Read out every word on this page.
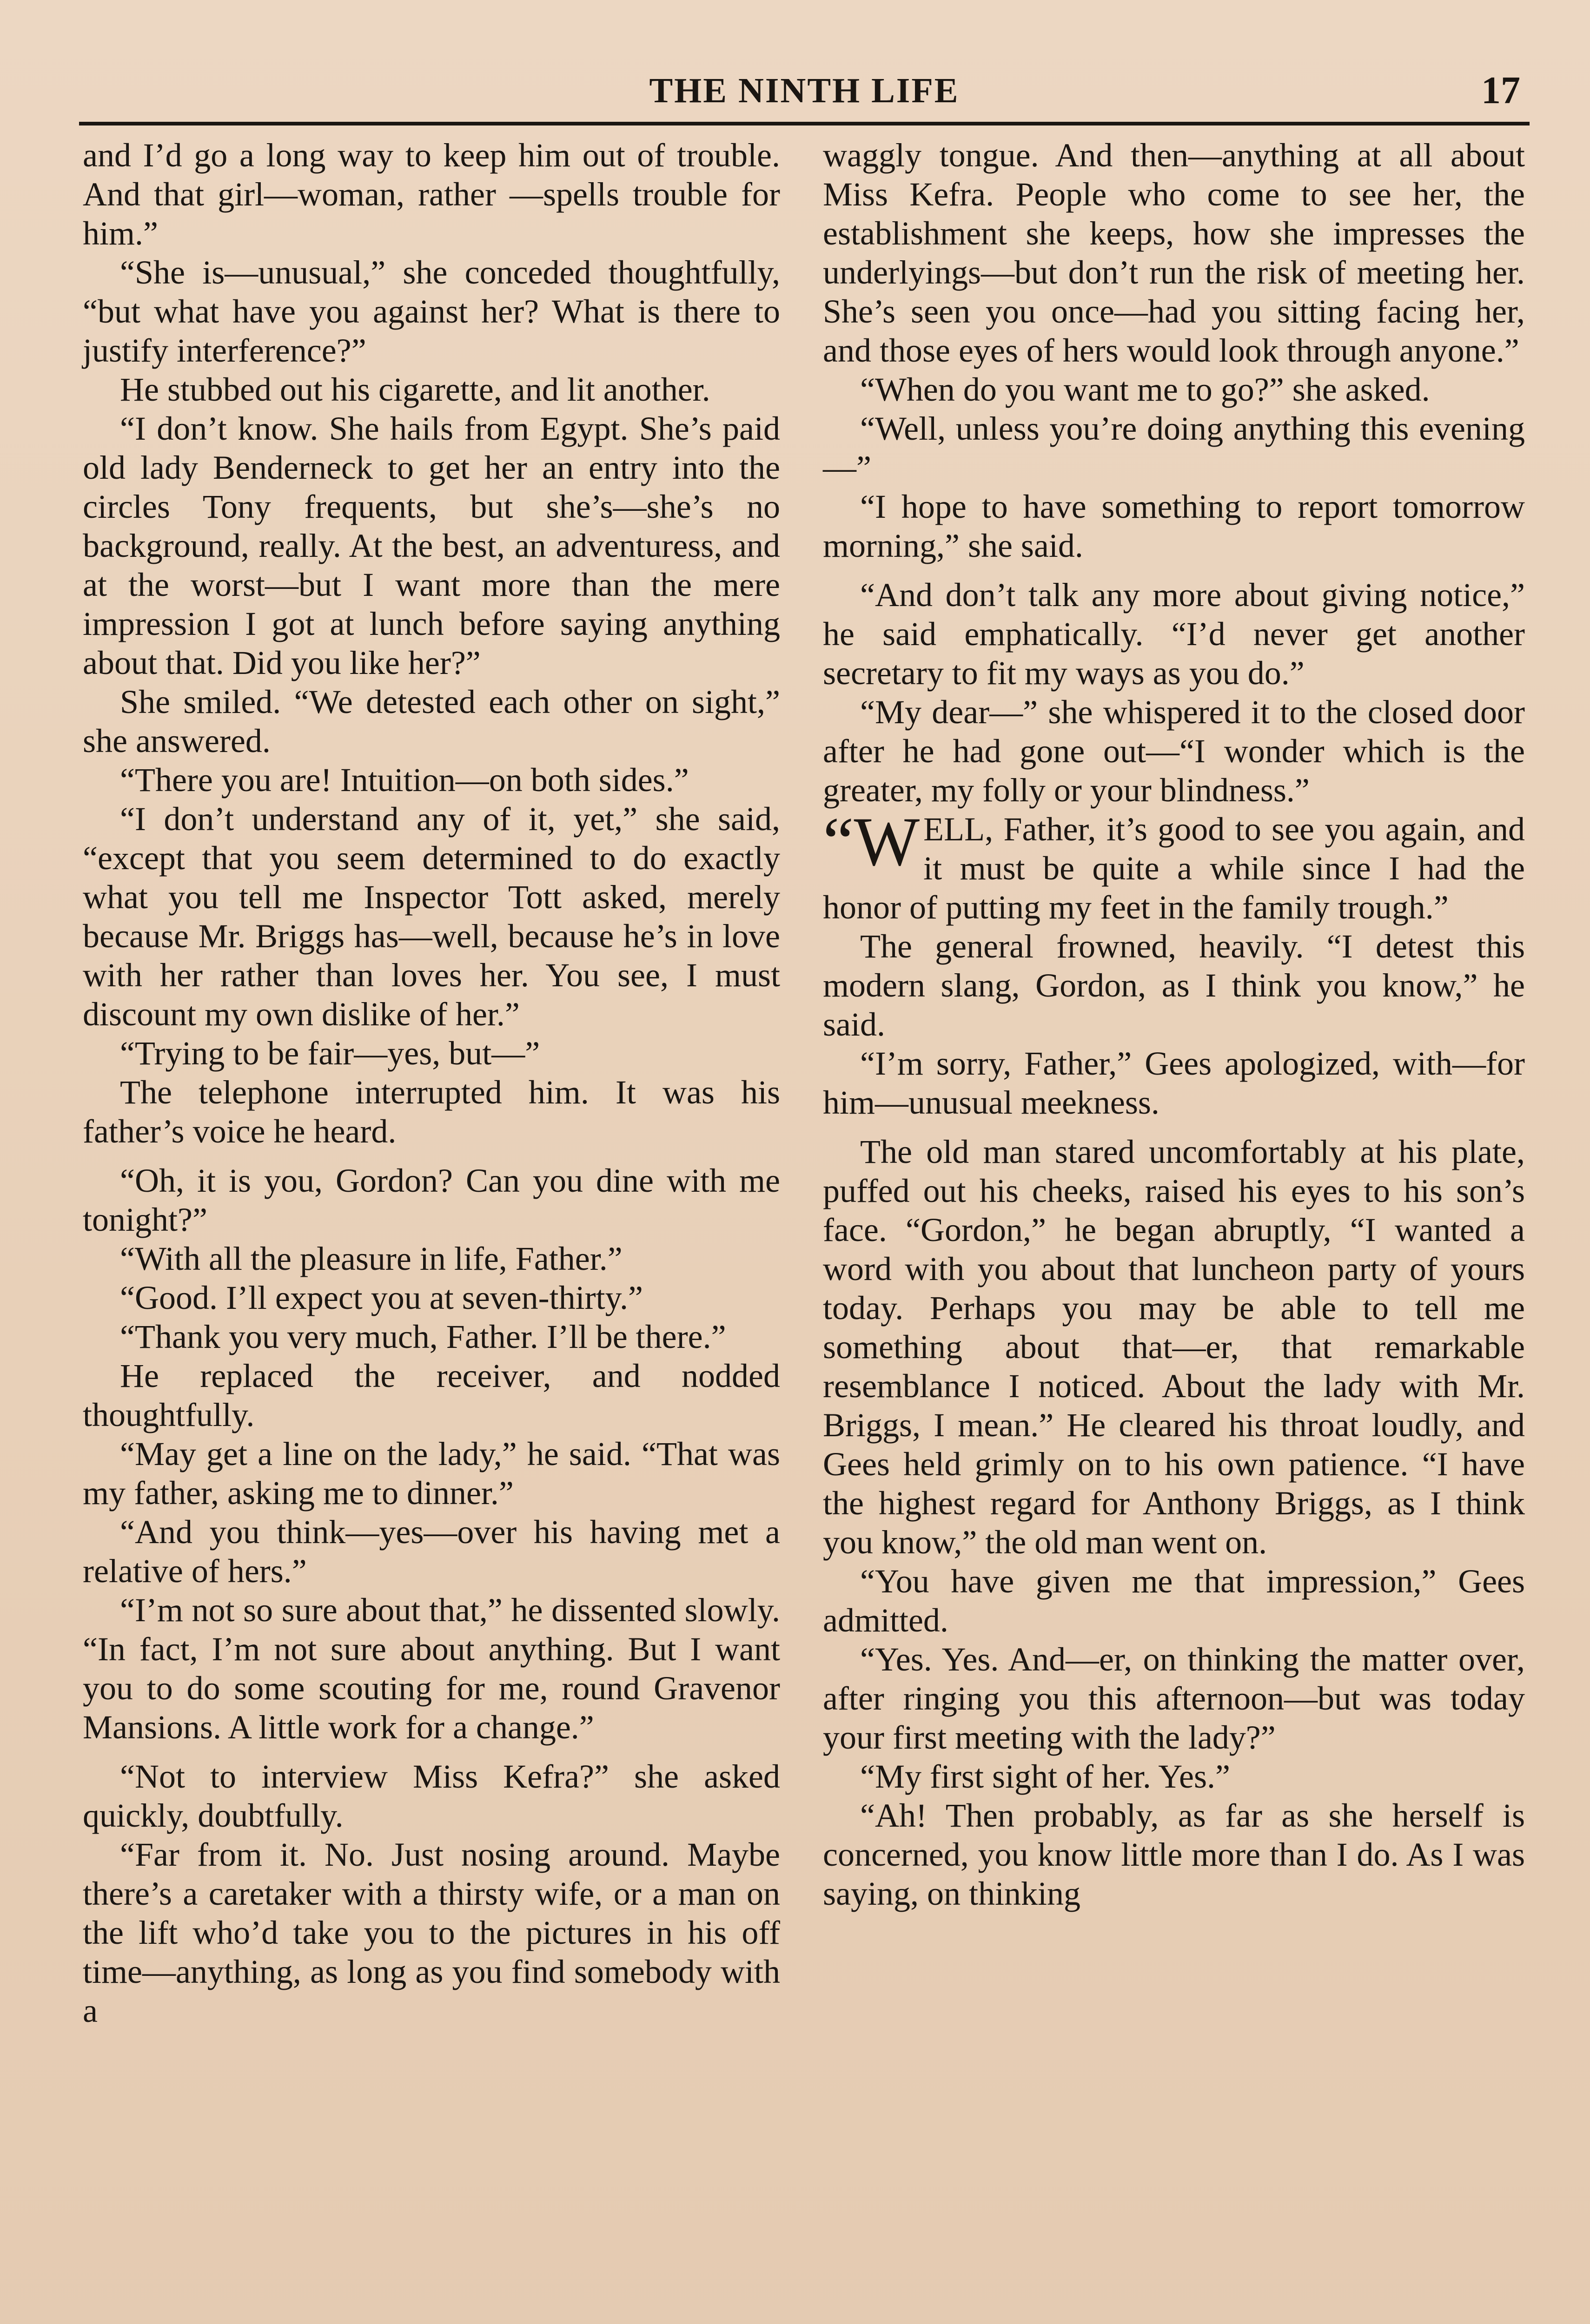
THE NINTH LIFE	17

and I’d go a long way to keep him out of trouble. And that girl—woman, rather —spells trouble for him.”

“She is—unusual,” she conceded thoughtfully, “but what have you against her? What is there to justify interference?”

He stubbed out his cigarette, and lit another.

“I don’t know. She hails from Egypt. She’s paid old lady Benderneck to get her an entry into the circles Tony frequents, but she’s—she’s no background, really. At the best, an adventuress, and at the worst—but I want more than the mere impression I got at lunch before saying anything about that. Did you like her?”

She smiled. “We detested each other on sight,” she answered.

“There you are! Intuition—on both sides.”

“I don’t understand any of it, yet,” she said, “except that you seem determined to do exactly what you tell me Inspector Tott asked, merely because Mr. Briggs has—well, because he’s in love with her rather than loves her. You see, I must discount my own dislike of her.”

“Trying to be fair—yes, but—”

The telephone interrupted him. It was his father’s voice he heard.

“Oh, it is you, Gordon? Can you dine with me tonight?”

“With all the pleasure in life, Father.”

“Good. I’ll expect you at seven-thirty.”

“Thank you very much, Father. I’ll be there.”

He replaced the receiver, and nodded thoughtfully.

“May get a line on the lady,” he said. “That was my father, asking me to dinner.”

“And you think—yes—over his having met a relative of hers.”

“I’m not so sure about that,” he dissented slowly. “In fact, I’m not sure about anything. But I want you to do some scouting for me, round Gravenor Mansions. A little work for a change.”

“Not to interview Miss Kefra?” she asked quickly, doubtfully.

“Far from it. No. Just nosing around. Maybe there’s a caretaker with a thirsty wife, or a man on the lift who’d take you to the pictures in his off time—anything, as long as you find somebody with a

waggly tongue. And then—anything at all about Miss Kefra. People who come to see her, the establishment she keeps, how she impresses the underlyings—but don’t run the risk of meeting her. She’s seen you once—had you sitting facing her, and those eyes of hers would look through anyone.”

“When do you want me to go?” she asked.

“Well, unless you’re doing anything this evening—”

“I hope to have something to report tomorrow morning,” she said.

“And don’t talk any more about giving notice,” he said emphatically. “I’d never get another secretary to fit my ways as you do.”

“My dear—” she whispered it to the closed door after he had gone out—“I wonder which is the greater, my folly or your blindness.”

“WELL, Father, it’s good to see you again, and it must be quite a while since I had the honor of putting my feet in the family trough.”

The general frowned, heavily. “I detest this modern slang, Gordon, as I think you know,” he said.

“I’m sorry, Father,” Gees apologized, with—for him—unusual meekness.

The old man stared uncomfortably at his plate, puffed out his cheeks, raised his eyes to his son’s face. “Gordon,” he began abruptly, “I wanted a word with you about that luncheon party of yours today. Perhaps you may be able to tell me something about that—er, that remarkable resemblance I noticed. About the lady with Mr. Briggs, I mean.” He cleared his throat loudly, and Gees held grimly on to his own patience. “I have the highest regard for Anthony Briggs, as I think you know,” the old man went on.

“You have given me that impression,” Gees admitted.

“Yes. Yes. And—er, on thinking the matter over, after ringing you this afternoon—but was today your first meeting with the lady?”

“My first sight of her. Yes.”

“Ah! Then probably, as far as she herself is concerned, you know little more than I do. As I was saying, on thinking
